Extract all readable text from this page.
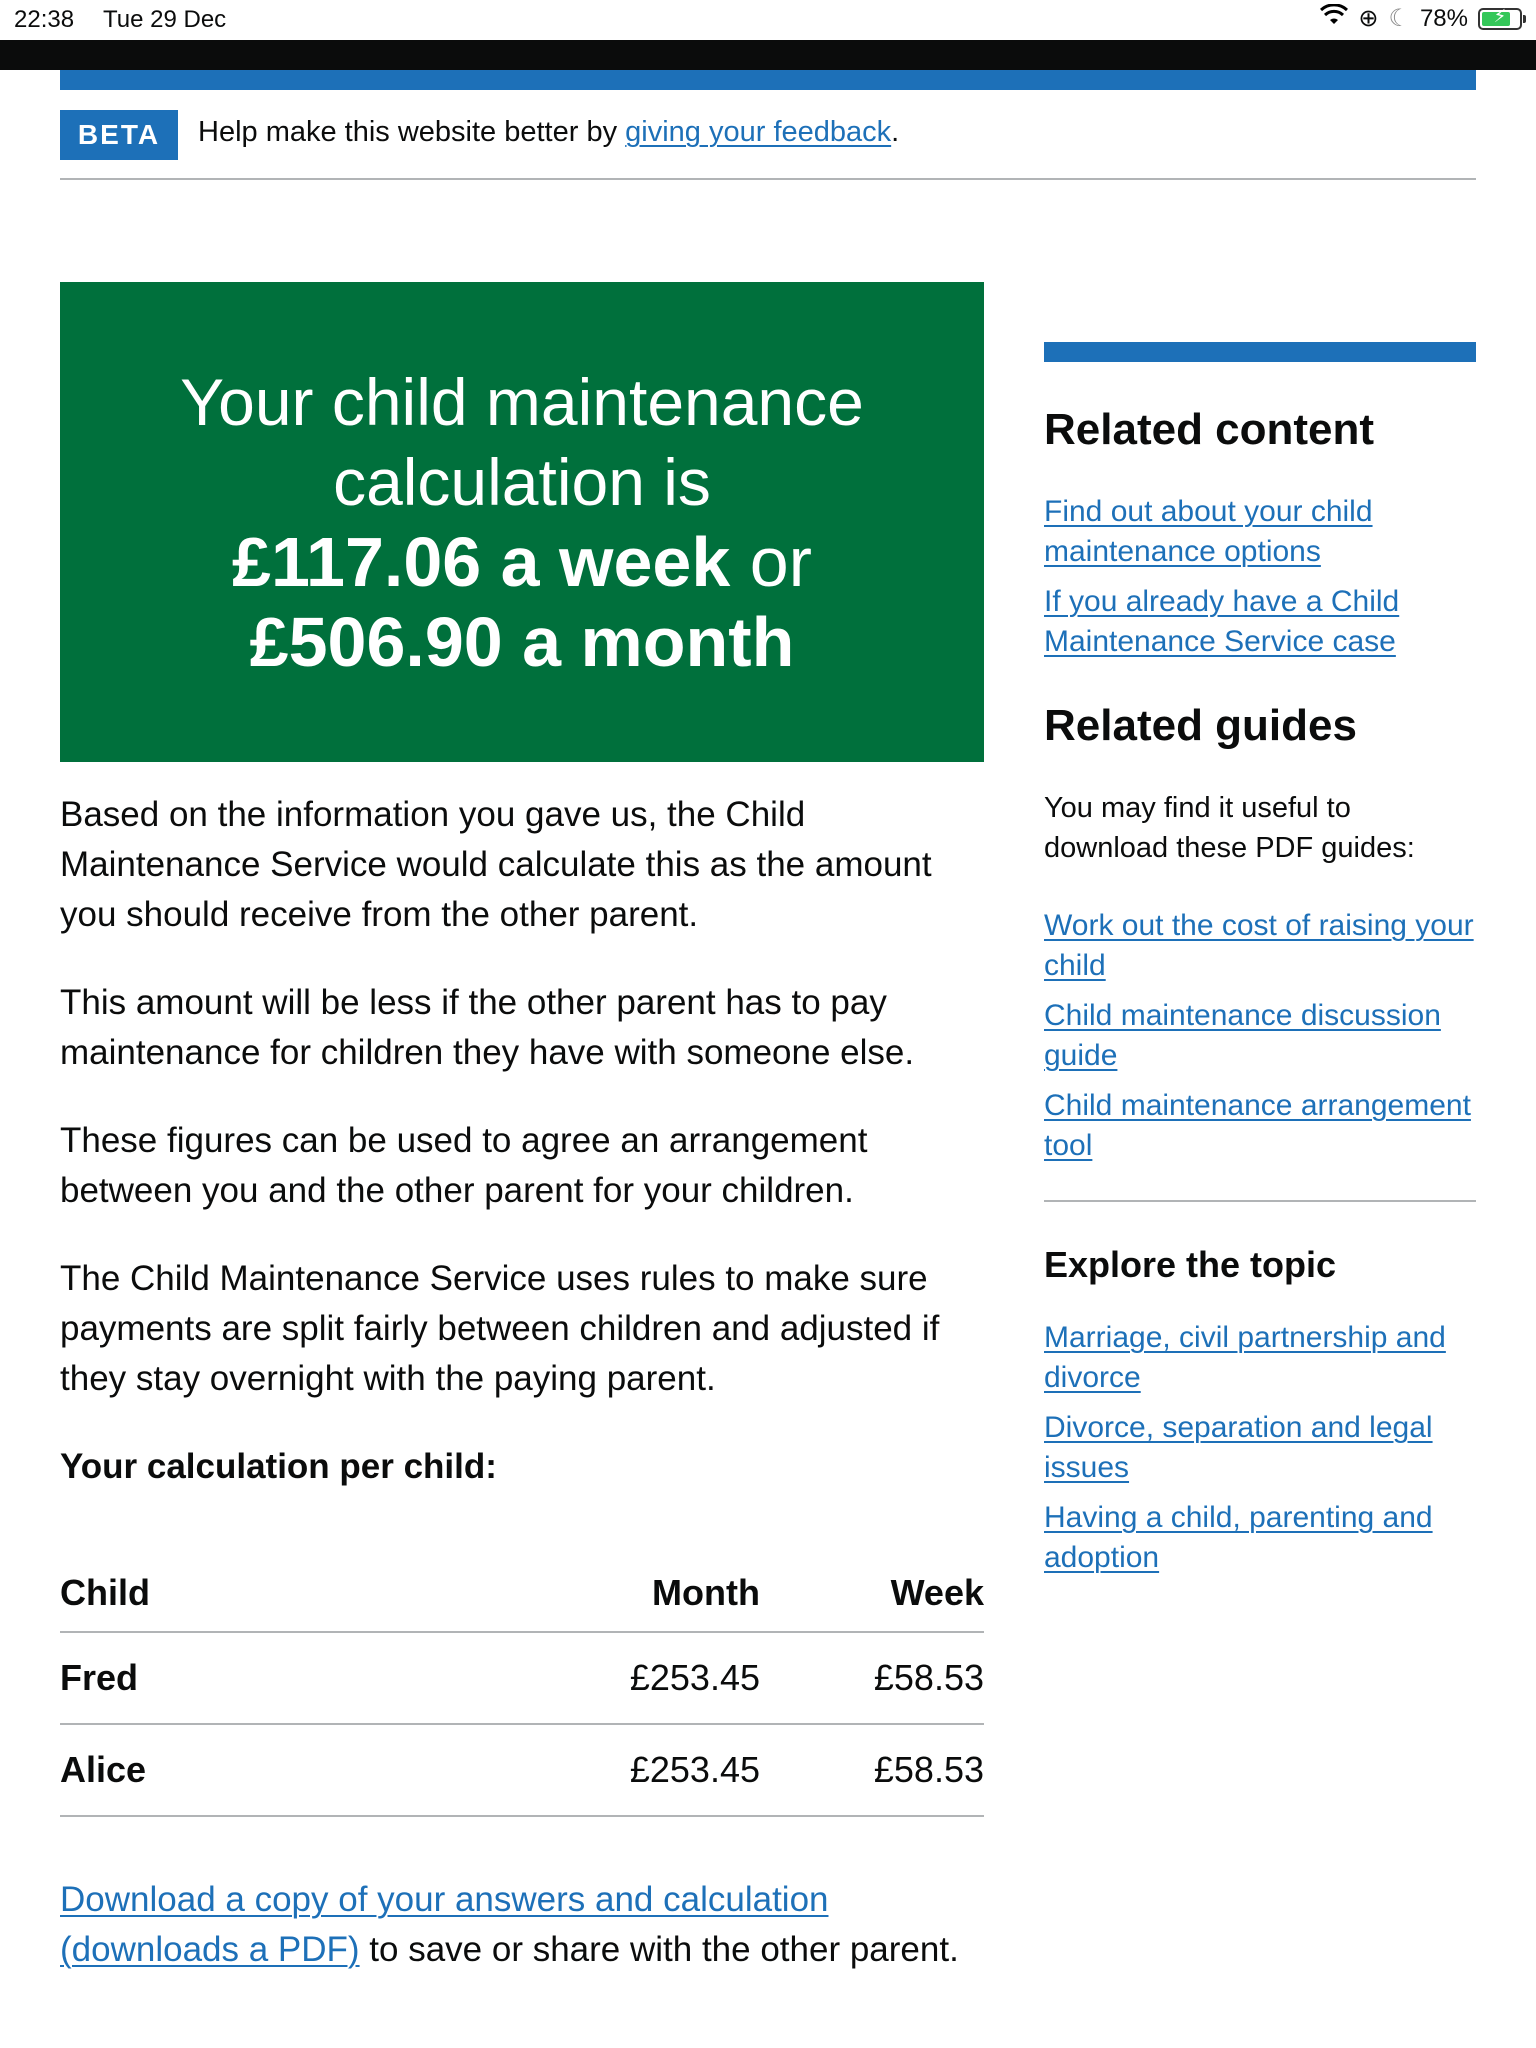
22:38 Tue 29 Dec	⊕ ☾ 78%	⚡
BETA	Help make this website better by giving your feedback.
Your child maintenance
calculation is
£117.06 a week or
£506.90 a month

Based on the information you gave us, the Child Maintenance Service would calculate this as the amount you should receive from the other parent.

This amount will be less if the other parent has to pay maintenance for children they have with someone else.

These figures can be used to agree an arrangement between you and the other parent for your children.

The Child Maintenance Service uses rules to make sure payments are split fairly between children and adjusted if they stay overnight with the paying parent.

Your calculation per child:
Child	Month	Week
Fred	£253.45	£58.53
Alice	£253.45	£58.53
Download a copy of your answers and calculation (downloads a PDF) to save or share with the other parent.
Related content
Find out about your child maintenance options
If you already have a Child Maintenance Service case
Related guides

You may find it useful to download these PDF guides:

Work out the cost of raising your child
Child maintenance discussion guide
Child maintenance arrangement tool
Explore the topic
Marriage, civil partnership and divorce
Divorce, separation and legal issues
Having a child, parenting and adoption
